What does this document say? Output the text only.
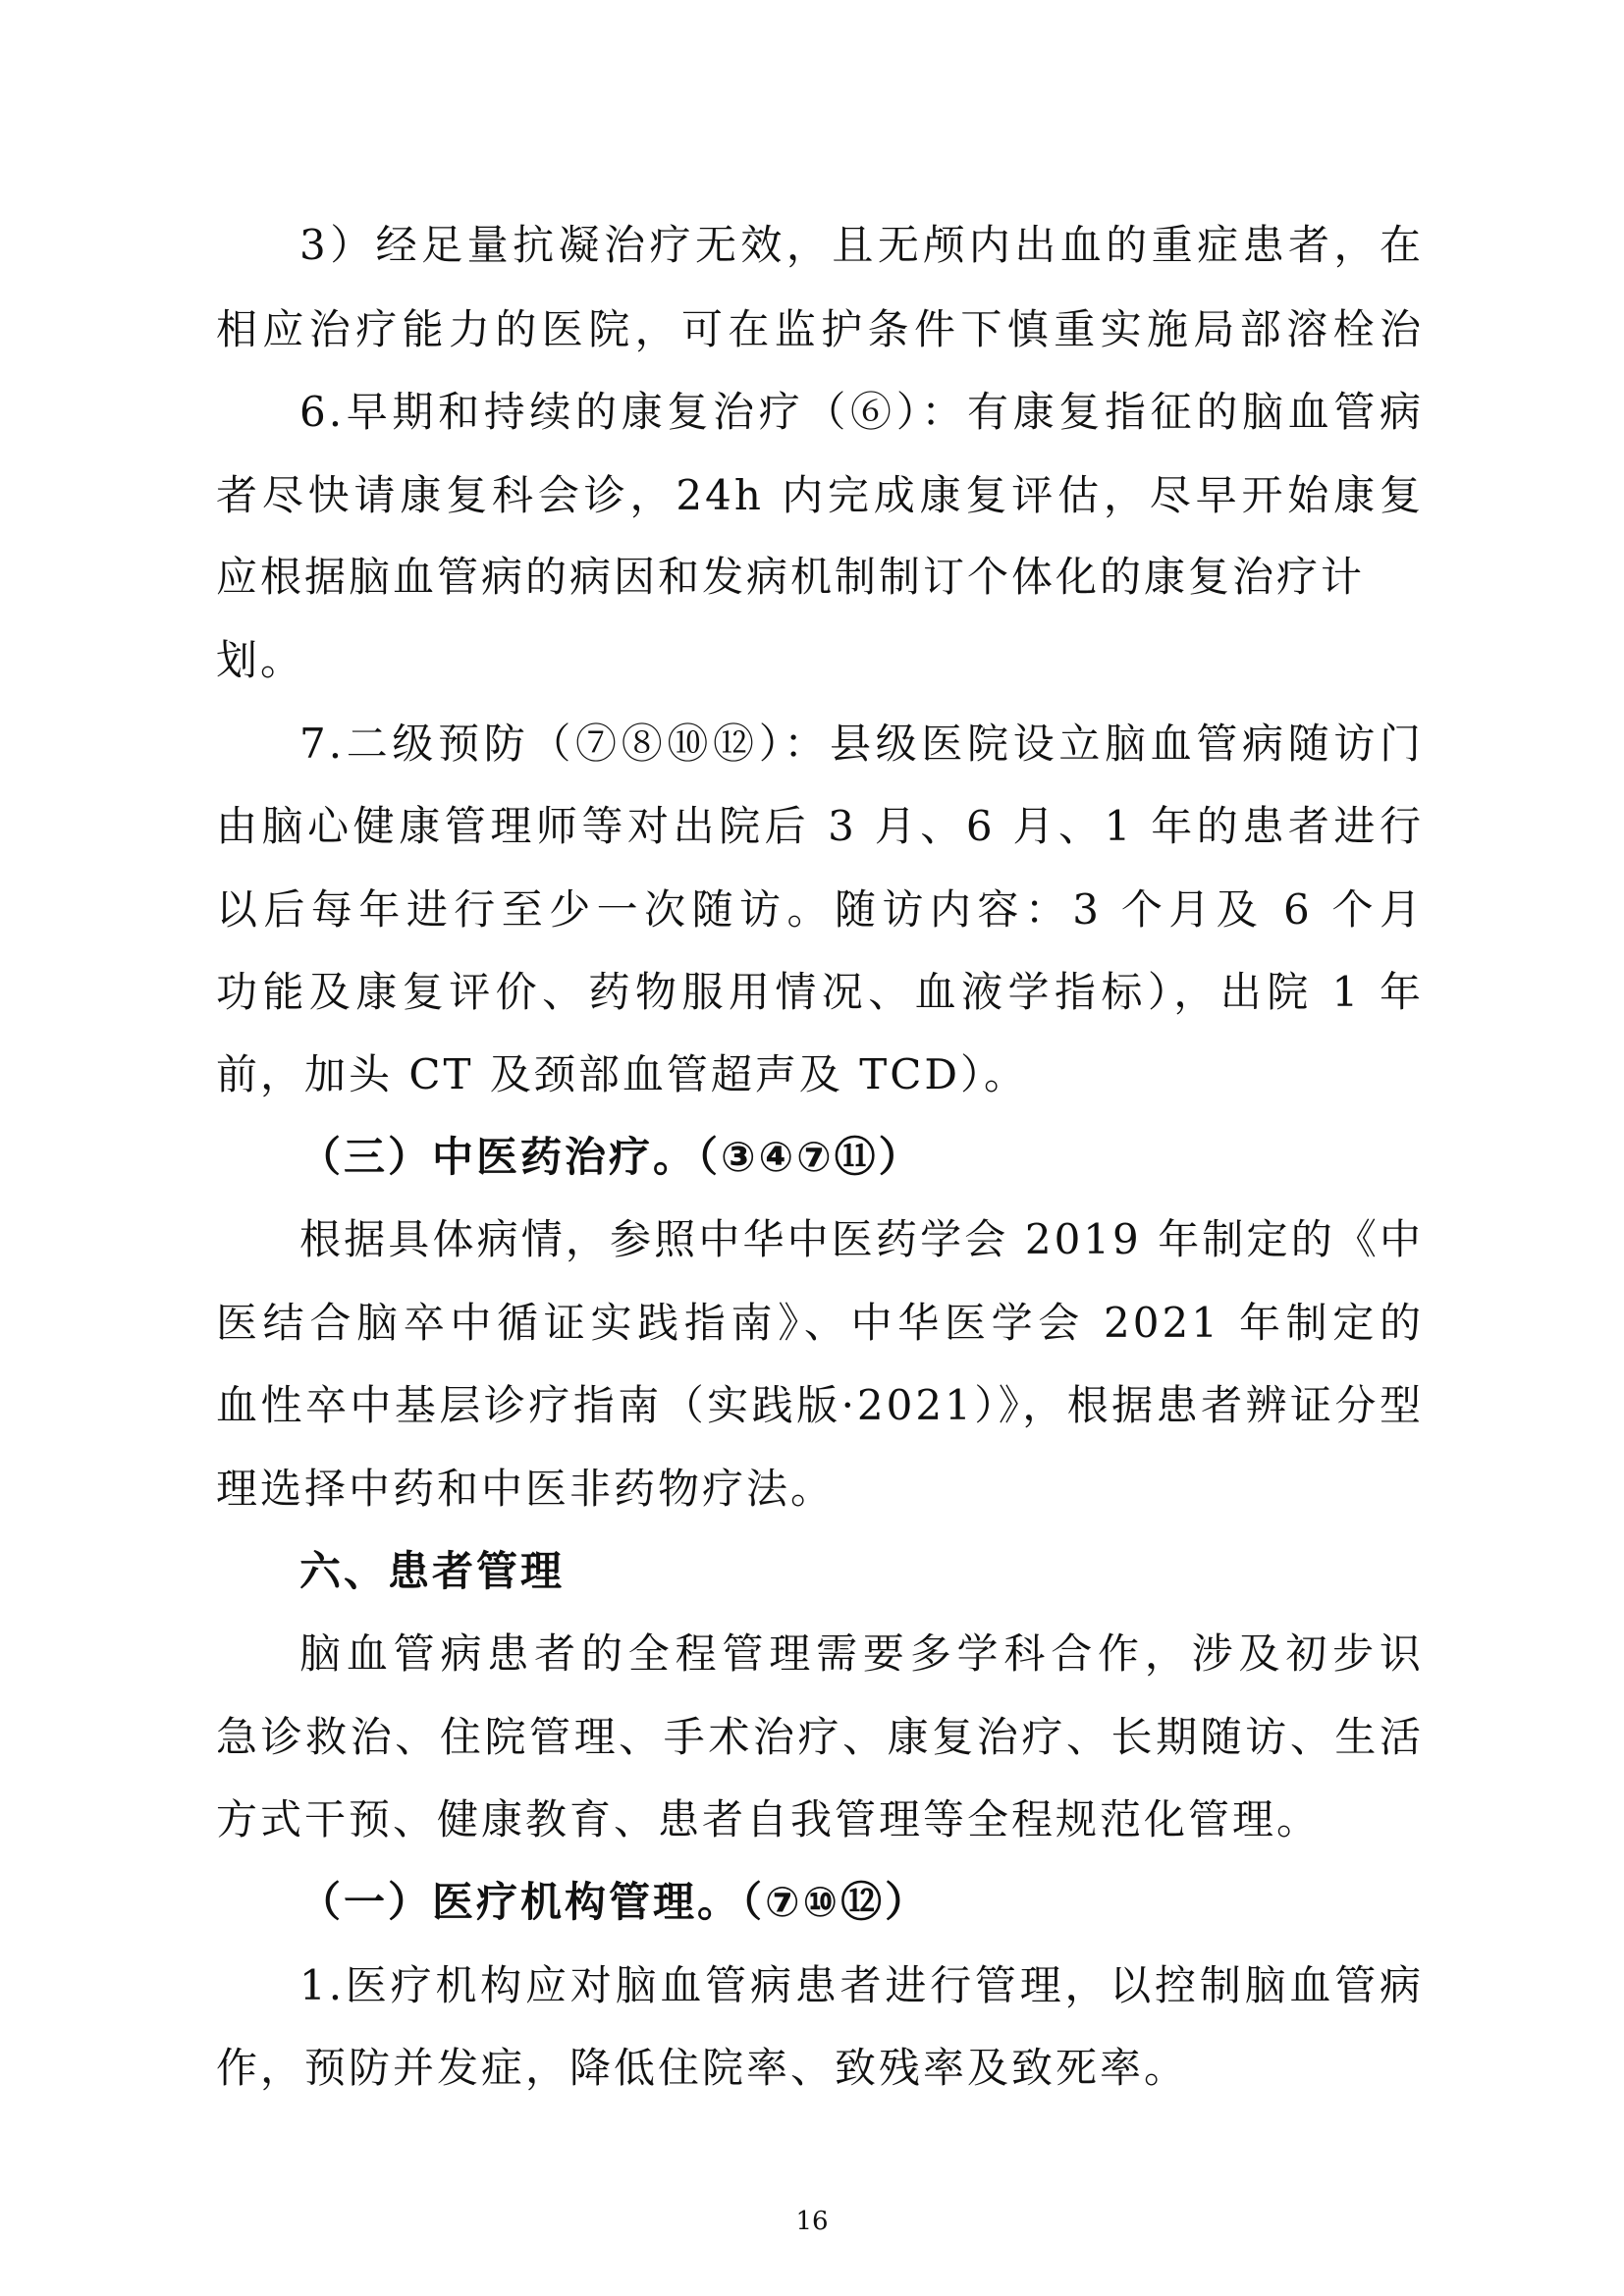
3）经足量抗凝治疗无效，且无颅内出血的重症患者，在
相应治疗能力的医院，可在监护条件下慎重实施局部溶栓治
6.早期和持续的康复治疗（⑥）：有康复指征的脑血管病
者尽快请康复科会诊，24h 内完成康复评估，尽早开始康复
应根据脑血管病的病因和发病机制制订个体化的康复治疗计
划。
7.二级预防（⑦⑧⑩⑫）：县级医院设立脑血管病随访门
由脑心健康管理师等对出院后 3 月、6 月、1 年的患者进行
以后每年进行至少一次随访。随访内容：3 个月及 6 个月
功能及康复评价、药物服用情况、血液学指标），出院 1 年
前，加头 CT 及颈部血管超声及 TCD）。
（三）中医药治疗。（③④⑦⑪）
根据具体病情，参照中华中医药学会 2019 年制定的《中
医结合脑卒中循证实践指南》、中华医学会 2021 年制定的
血性卒中基层诊疗指南（实践版·2021）》，根据患者辨证分型
理选择中药和中医非药物疗法。
六、患者管理
脑血管病患者的全程管理需要多学科合作，涉及初步识
急诊救治、住院管理、手术治疗、康复治疗、长期随访、生活
方式干预、健康教育、患者自我管理等全程规范化管理。
（一）医疗机构管理。（⑦⑩⑫）
1.医疗机构应对脑血管病患者进行管理，以控制脑血管病
作，预防并发症，降低住院率、致残率及致死率。
16
